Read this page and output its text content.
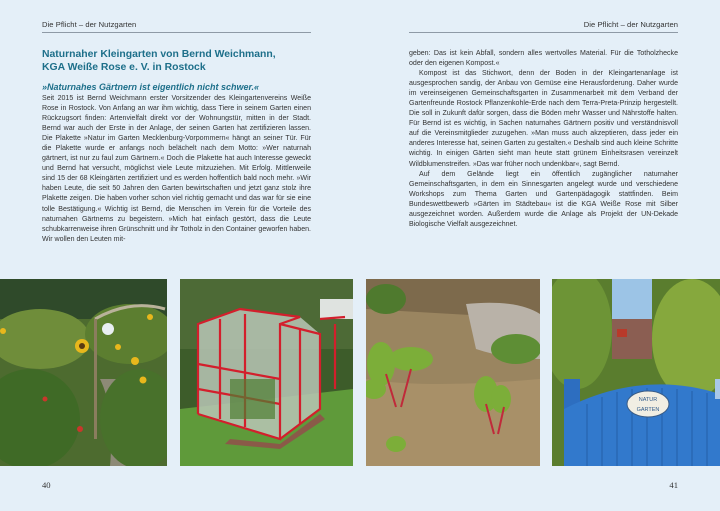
Die Pflicht – der Nutzgarten
Naturnaher Kleingarten von Bernd Weichmann,
KGA Weiße Rose e. V. in Rostock
»Naturnahes Gärtnern ist eigentlich nicht schwer.«

Seit 2015 ist Bernd Weichmann erster Vorsitzender des Kleingartenvereins Weiße Rose in Rostock. Von Anfang an war ihm wichtig, dass Tiere in seinem Garten einen Rückzugsort finden: Artenvielfalt direkt vor der Wohnungstür, mitten in der Stadt. Bernd war auch der Erste in der Anlage, der seinen Garten hat zertifizieren lassen. Die Plakette »Natur im Garten Mecklenburg-Vorpommern« hängt an seiner Tür. Für die Plakette wurde er anfangs noch belächelt nach dem Motto: »Wer naturnah gärtnert, ist nur zu faul zum Gärtnern.« Doch die Plakette hat auch Interesse geweckt und Bernd hat versucht, möglichst viele Leute mitzuziehen. Mit Erfolg. Mittlerweile sind 15 der 68 Kleingärten zertifiziert und es werden hoffentlich bald noch mehr. »Wir haben Leute, die seit 50 Jahren den Garten bewirtschaften und jetzt ganz stolz ihre Plakette zeigen. Die haben vorher schon viel richtig gemacht und das war für sie eine tolle Bestätigung.« Wichtig ist Bernd, die Menschen im Verein für die Vorteile des naturnahen Gärtnerns zu begeistern. »Mich hat einfach gestört, dass die Leute schubkarrenweise ihren Grünschnitt und ihr Totholz in den Container geworfen haben. Wir wollen den Leuten mit-

40
Die Pflicht – der Nutzgarten

geben: Das ist kein Abfall, sondern alles wertvolles Material. Für die Totholzhecke oder den eigenen Kompost.«

Kompost ist das Stichwort, denn der Boden in der Kleingartenanlage ist ausgesprochen sandig, der Anbau von Gemüse eine Herausforderung. Daher wurde im vereinseigenen Gemeinschaftsgarten in Zusammenarbeit mit dem Verband der Gartenfreunde Rostock Pflanzenkohle-Erde nach dem Terra-Preta-Prinzip hergestellt. Die soll in Zukunft dafür sorgen, dass die Böden mehr Wasser und Nährstoffe halten. Für Bernd ist es wichtig, in Sachen naturnahes Gärtnern positiv und verständnisvoll auf die Vereinsmitglieder zuzugehen. »Man muss auch akzeptieren, dass jeder ein anderes Interesse hat, seinen Garten zu gestalten.« Deshalb sind auch kleine Schritte wichtig. In einigen Gärten sieht man heute statt grünem Einheitsrasen vereinzelt Wildblumenstreifen. »Das war früher noch undenkbar«, sagt Bernd.

Auf dem Gelände liegt ein öffentlich zugänglicher naturnaher Gemeinschaftsgarten, in dem ein Sinnesgarten angelegt wurde und verschiedene Workshops zum Thema Garten und Gartenpädagogik stattfinden. Beim Bundeswettbewerb »Gärten im Städtebau« ist die KGA Weiße Rose mit Silber ausgezeichnet worden. Außerdem wurde die Anlage als Projekt der UN-Dekade Biologische Vielfalt ausgezeichnet.

41
NATUR
GARTEN
